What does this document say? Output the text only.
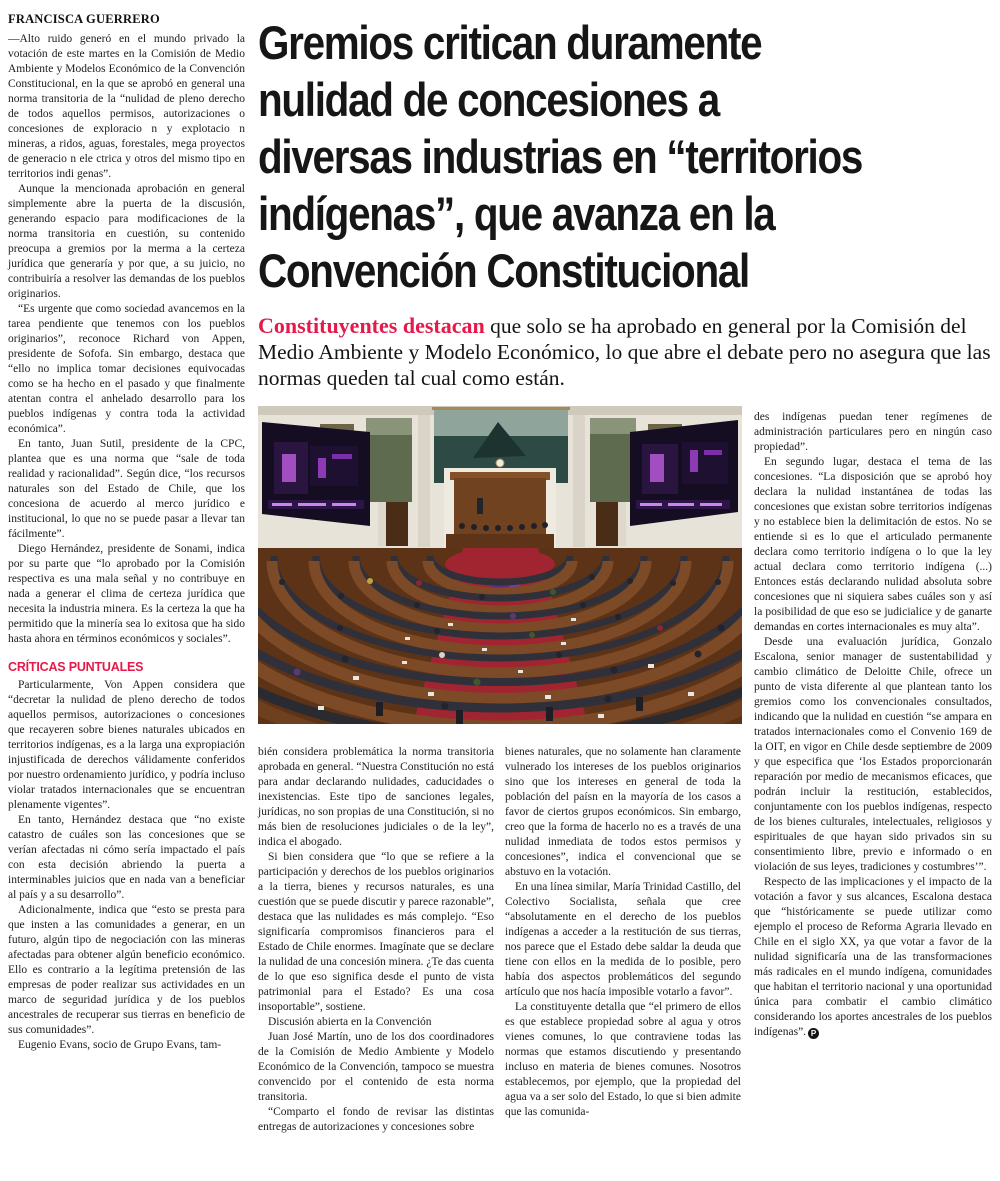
FRANCISCA GUERRERO

—Alto ruido generó en el mundo privado la votación de este martes en la Comisión de Medio Ambiente y Modelos Económico de la Convención Constitucional, en la que se aprobó en general una norma transitoria de la “nulidad de pleno derecho de todos aquellos permisos, autorizaciones o concesiones de exploracio n y explotacio n mineras, a ridos, aguas, forestales, mega proyectos de generacio n ele ctrica y otros del mismo tipo en territorios indi genas”.

Aunque la mencionada aprobación en general simplemente abre la puerta de la discusión, generando espacio para modificaciones de la norma transitoria en cuestión, su contenido preocupa a gremios por la merma a la certeza jurídica que generaría y por que, a su juicio, no contribuiría a resolver las demandas de los pueblos originarios.

“Es urgente que como sociedad avancemos en la tarea pendiente que tenemos con los pueblos originarios”, reconoce Richard von Appen, presidente de Sofofa. Sin embargo, destaca que “ello no implica tomar decisiones equivocadas como se ha hecho en el pasado y que finalmente atentan contra el anhelado desarrollo para los pueblos indígenas y contra toda la actividad económica”.

En tanto, Juan Sutil, presidente de la CPC, plantea que es una norma que “sale de toda realidad y racionalidad”. Según dice, “los recursos naturales son del Estado de Chile, que los concesiona de acuerdo al merco jurídico e institucional, lo que no se puede pasar a llevar tan fácilmente”.

Diego Hernández, presidente de Sonami, indica por su parte que “lo aprobado por la Comisión respectiva es una mala señal y no contribuye en nada a generar el clima de certeza jurídica que necesita la industria minera. Es la certeza la que ha permitido que la minería sea lo exitosa que ha sido hasta ahora en términos económicos y sociales”.

CRÍTICAS PUNTUALES

Particularmente, Von Appen considera que “decretar la nulidad de pleno derecho de todos aquellos permisos, autorizaciones o concesiones que recayeren sobre bienes naturales ubicados en territorios indígenas, es a la larga una expropiación injustificada de derechos válidamente conferidos por nuestro ordenamiento jurídico, y podría incluso violar tratados internacionales que se encuentran plenamente vigentes”.

En tanto, Hernández destaca que “no existe catastro de cuáles son las concesiones que se verían afectadas ni cómo sería impactado el país con esta decisión abriendo la puerta a interminables juicios que en nada van a beneficiar al país y a su desarrollo”.

Adicionalmente, indica que “esto se presta para que insten a las comunidades a generar, en un futuro, algún tipo de negociación con las mineras afectadas para obtener algún beneficio económico. Ello es contrario a la legítima pretensión de las empresas de poder realizar sus actividades en un marco de seguridad jurídica y de los pueblos ancestrales de recuperar sus tierras en beneficio de sus comunidades”.

Eugenio Evans, socio de Grupo Evans, tam-

Gremios critican duramente
nulidad de concesiones a
diversas industrias en “territorios
indígenas”, que avanza en la
Convención Constitucional
Constituyentes destacan que solo se ha aprobado en general por la Comisión del Medio Ambiente y Modelo Económico, lo que abre el debate pero no asegura que las normas queden tal cual como están.

bién considera problemática la norma transitoria aprobada en general. “Nuestra Constitución no está para andar declarando nulidades, caducidades o inexistencias. Este tipo de sanciones legales, jurídicas, no son propias de una Constitución, si no más bien de resoluciones judiciales o de la ley”, indica el abogado.

Si bien considera que “lo que se refiere a la participación y derechos de los pueblos originarios a la tierra, bienes y recursos naturales, es una cuestión que se puede discutir y parece razonable”, destaca que las nulidades es más complejo. “Eso significaría compromisos financieros para el Estado de Chile enormes. Imagínate que se declare la nulidad de una concesión minera. ¿Te das cuenta de lo que eso significa desde el punto de vista patrimonial para el Estado? Es una cosa insoportable”, sostiene.

Discusión abierta en la Convención

Juan José Martín, uno de los dos coordinadores de la Comisión de Medio Ambiente y Modelo Económico de la Convención, tampoco se muestra convencido por el contenido de esta norma transitoria.

“Comparto el fondo de revisar las distintas entregas de autorizaciones y concesiones sobre

bienes naturales, que no solamente han claramente vulnerado los intereses de los pueblos originarios sino que los intereses en general de toda la población del paísn en la mayoría de los casos a favor de ciertos grupos económicos. Sin embargo, creo que la forma de hacerlo no es a través de una nulidad inmediata de todos estos permisos y concesiones”, indica el convencional que se abstuvo en la votación.

En una línea similar, María Trinidad Castillo, del Colectivo Socialista, señala que cree “absolutamente en el derecho de los pueblos indígenas a acceder a la restitución de sus tierras, nos parece que el Estado debe saldar la deuda que tiene con ellos en la medida de lo posible, pero había dos aspectos problemáticos del segundo artículo que nos hacía imposible votarlo a favor”.

La constituyente detalla que “el primero de ellos es que establece propiedad sobre al agua y otros vienes comunes, lo que contraviene todas las normas que estamos discutiendo y presentando incluso en materia de bienes comunes. Nosotros establecemos, por ejemplo, que la propiedad del agua va a ser solo del Estado, lo que si bien admite que las comunida-

des indígenas puedan tener regímenes de administración particulares pero en ningún caso propiedad”.

En segundo lugar, destaca el tema de las concesiones. “La disposición que se aprobó hoy declara la nulidad instantánea de todas las concesiones que existan sobre territorios indígenas y no establece bien la delimitación de estos. No se entiende si es lo que el articulado permanente declara como territorio indígena o lo que la ley actual declara como territorio indígena (...) Entonces estás declarando nulidad absoluta sobre concesiones que ni siquiera sabes cuáles son y así la posibilidad de que eso se judicialice y de ganarte demandas en cortes internacionales es muy alta”.

Desde una evaluación jurídica, Gonzalo Escalona, senior manager de sustentabilidad y cambio climático de Deloitte Chile, ofrece un punto de vista diferente al que plantean tanto los gremios como los convencionales consultados, indicando que la nulidad en cuestión “se ampara en tratados internacionales como el Convenio 169 de la OIT, en vigor en Chile desde septiembre de 2009 y que especifica que ‘los Estados proporcionarán reparación por medio de mecanismos eficaces, que podrán incluir la restitución, establecidos, conjuntamente con los pueblos indígenas, respecto de los bienes culturales, intelectuales, religiosos y espirituales de que hayan sido privados sin su consentimiento libre, previo e informado o en violación de sus leyes, tradiciones y costumbres’”.

Respecto de las implicaciones y el impacto de la votación a favor y sus alcances, Escalona destaca que “históricamente se puede utilizar como ejemplo el proceso de Reforma Agraria llevado en Chile en el siglo XX, ya que votar a favor de la nulidad significaría una de las transformaciones más radicales en el mundo indígena, comunidades que habitan el territorio nacional y una oportunidad única para combatir el cambio climático considerando los aportes ancestrales de los pueblos indígenas”. P
